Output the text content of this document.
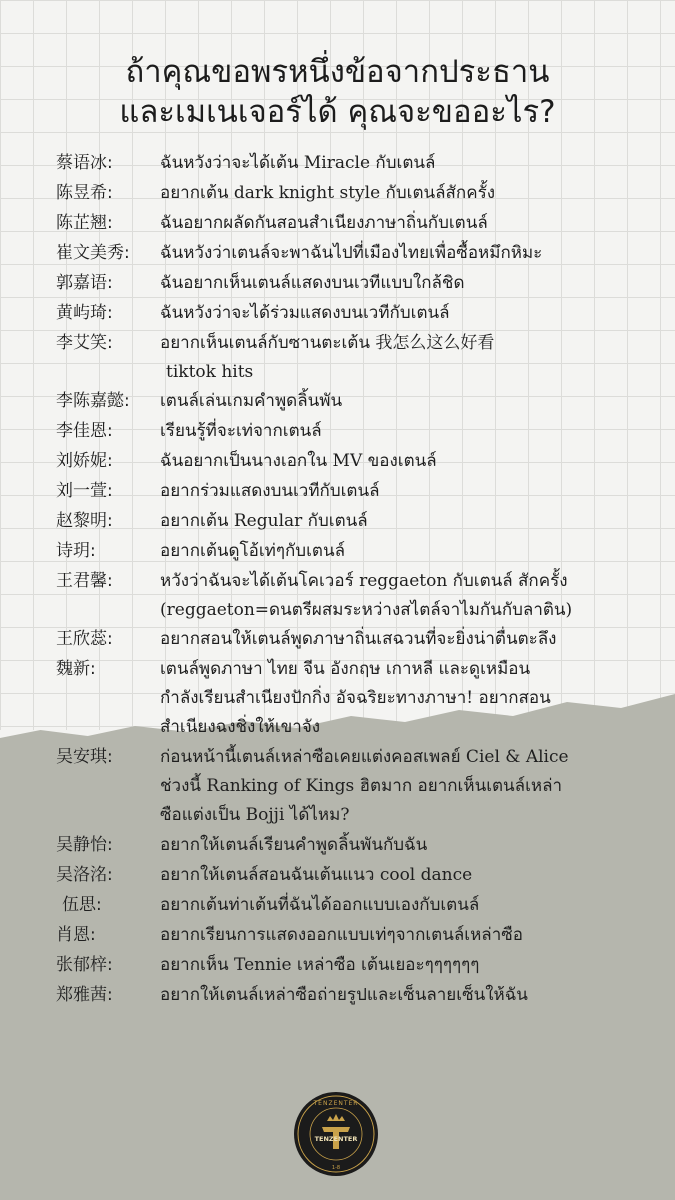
ถ้าคุณขอพรหนึ่งข้อจากประธาน
และเมเนเจอร์ได้ คุณจะขออะไร?
蔡语冰:	ฉันหวังว่าจะได้เต้น Miracle กับเตนล์
陈昱希:	อยากเต้น dark knight style กับเตนล์สักครั้ง
陈芷翘:	ฉันอยากผลัดกันสอนสำเนียงภาษาถิ่นกับเตนล์
崔文美秀: ฉันหวังว่าเตนล์จะพาฉันไปที่เมืองไทยเพื่อซื้อหมึกหิมะ
郭嘉语:	ฉันอยากเห็นเตนล์แสดงบนเวทีแบบใกล้ชิด
黄屿琦:	ฉันหวังว่าจะได้ร่วมแสดงบนเวทีกับเตนล์
李艾笑:	อยากเห็นเตนล์กับซานตะเต้น 我怎么这么好看
tiktok hits
李陈嘉懿: เตนล์เล่นเกมคำพูดลิ้นพัน
李佳恩:	เรียนรู้ที่จะเท่จากเตนล์
刘娇妮:	ฉันอยากเป็นนางเอกใน MV ของเตนล์
刘一萱:	อยากร่วมแสดงบนเวทีกับเตนล์
赵黎明:	อยากเต้น Regular กับเตนล์
诗玥:	อยากเต้นดูโอ้เท่ๆกับเตนล์
王君馨:	หวังว่าฉันจะได้เต้นโคเวอร์ reggaeton กับเตนล์ สักครั้ง
(reggaeton=ดนตรีผสมระหว่างสไตล์จาไมกันกับลาติน)
王欣蕊:	อยากสอนให้เตนล์พูดภาษาถิ่นเสฉวนที่จะยิ่งน่าตื่นตะลึง
魏新:	เตนล์พูดภาษา ไทย จีน อังกฤษ เกาหลี และดูเหมือน
กำลังเรียนสำเนียงปักกิ่ง อัจฉริยะทางภาษา! อยากสอน
สำเนียงฉงชิ่งให้เขาจัง
吴安琪:	ก่อนหน้านี้เตนล์เหล่าซือเคยแต่งคอสเพลย์ Ciel & Alice
ช่วงนี้ Ranking of Kings ฮิตมาก อยากเห็นเตนล์เหล่า
ซือแต่งเป็น Bojji ได้ไหม?
吴静怡:	อยากให้เตนล์เรียนคำพูดลิ้นพันกับฉัน
吴洛洺:	อยากให้เตนล์สอนฉันเต้นแนว cool dance
伍思:	อยากเต้นท่าเต้นที่ฉันได้ออกแบบเองกับเตนล์
肖恩:	อยากเรียนการแสดงออกแบบเท่ๆจากเตนล์เหล่าซือ
张郁梓:	อยากเห็น Tennie เหล่าซือ เต้นเยอะๆๆๆๆๆๆ
郑雅茜:	อยากให้เตนล์เหล่าซือถ่ายรูปและเซ็นลายเซ็นให้ฉัน
TENZENTER
TENZENTER
1-8
